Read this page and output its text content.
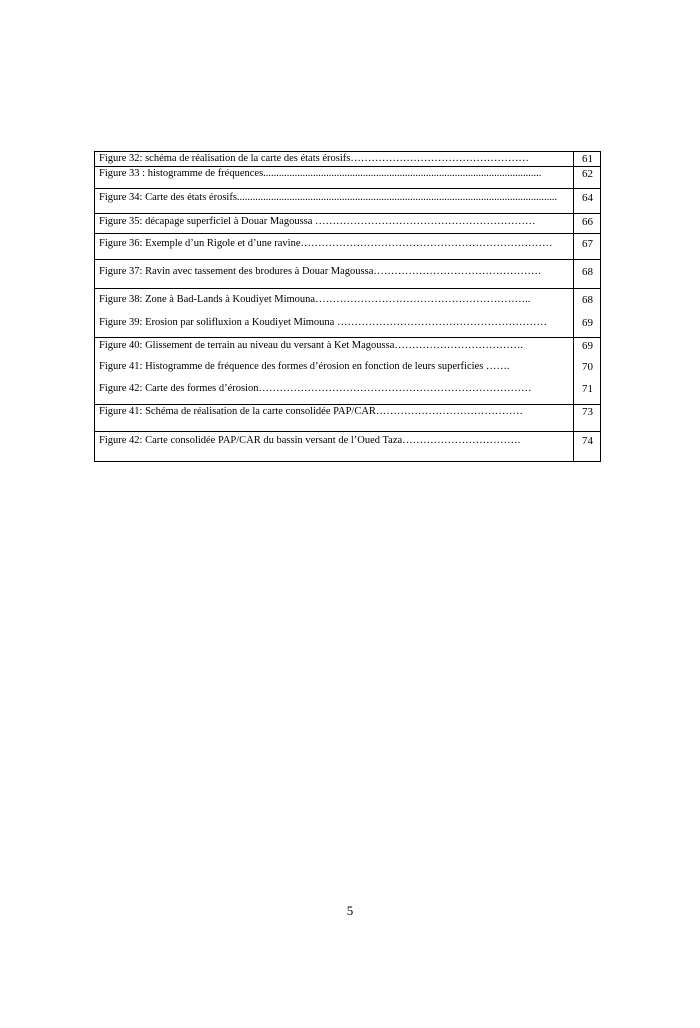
Figure 32: schéma de réalisation de la carte des états érosifs……………………………………………	61
Figure 33 : histogramme de fréquences..........................................................................................................	62
Figure 34: Carte des états érosifs..........................................................................................................................	64
Figure 35: décapage superficiel à Douar Magoussa ………………………………………………………	66
Figure 36: Exemple d’un Rigole et d’une ravine………………………………………………………………	67
Figure 37: Ravin avec tassement des brodures à Douar Magoussa…………………………………………	68
Figure 38: Zone à Bad-Lands à Koudiyet Mimouna……………………………………………………..	68
Figure 39: Erosion par solifluxion a Koudiyet Mimouna ……………………………………………………	69
Figure 40: Glissement de terrain au niveau du versant à Ket Magoussa……………………………….	69
Figure 41: Histogramme de fréquence des formes d’érosion en fonction de leurs superficies …….	70
Figure 42: Carte des formes d’érosion……………………………………………………………………	71
Figure 41: Schéma de réalisation de la carte consolidée PAP/CAR……………………………………	73
Figure 42: Carte consolidée PAP/CAR du bassin versant de l’Oued Taza…………………………….	74
5
